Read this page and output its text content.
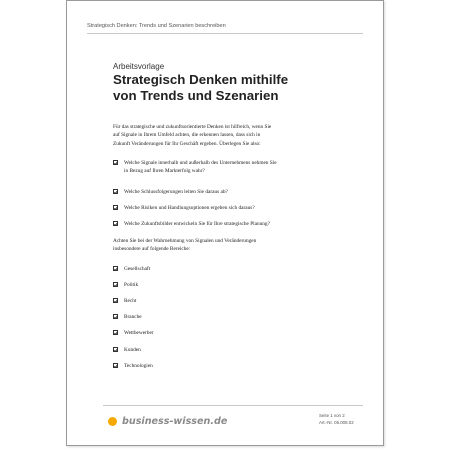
Strategisch Denken: Trends und Szenarien beschreiben
Arbeitsvorlage
Strategisch Denken mithilfe
von Trends und Szenarien
Für das strategische und zukunftsorientierte Denken ist hilfreich, wenn Sie
auf Signale in Ihrem Umfeld achten, die erkennen lassen, dass sich in
Zukunft Veränderungen für Ihr Geschäft ergeben. Überlegen Sie also:
Welche Signale innerhalb und außerhalb des Unternehmens nehmen Sie
in Bezug auf Ihren Markterfolg wahr?
Welche Schlussfolgerungen leiten Sie daraus ab?
Welche Risiken und Handlungsoptionen ergeben sich daraus?
Welche Zukunftsbilder entwickeln Sie für Ihre strategische Planung?
Achten Sie bei der Wahrnehmung von Signalen und Veränderungen
insbesondere auf folgende Bereiche:
Gesellschaft
Politik
Recht
Branche
Wettbewerber
Kunden
Technologien
business-wissen.de
Seite 1 von 2
Art.-Nr. 06.008.02
